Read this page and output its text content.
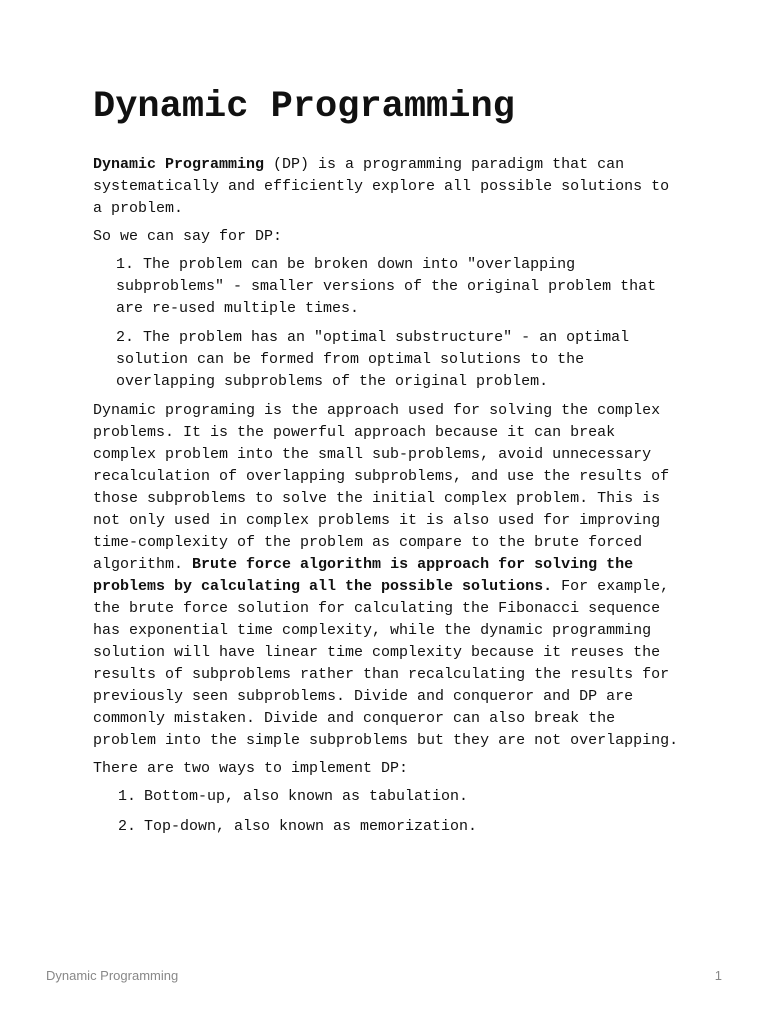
Dynamic Programming

Dynamic Programming (DP) is a programming paradigm that can systematically and efficiently explore all possible solutions to a problem.

So we can say for DP:

1. The problem can be broken down into "overlapping subproblems" - smaller versions of the original problem that are re-used multiple times.
2. The problem has an "optimal substructure" - an optimal solution can be formed from optimal solutions to the overlapping subproblems of the original problem.

Dynamic programing is the approach used for solving the complex problems. It is the powerful approach because it can break complex problem into the small sub-problems, avoid unnecessary recalculation of overlapping subproblems, and use the results of those subproblems to solve the initial complex problem. This is not only used in complex problems it is also used for improving time-complexity of the problem as compare to the brute forced algorithm. Brute force algorithm is approach for solving the problems by calculating all the possible solutions. For example, the brute force solution for calculating the Fibonacci sequence has exponential time complexity, while the dynamic programming solution will have linear time complexity because it reuses the results of subproblems rather than recalculating the results for previously seen subproblems. Divide and conqueror and DP are commonly mistaken. Divide and conqueror can also break the problem into the simple subproblems but they are not overlapping.

There are two ways to implement DP:

1. Bottom-up, also known as tabulation.
2. Top-down, also known as memorization.
Dynamic Programming	1
